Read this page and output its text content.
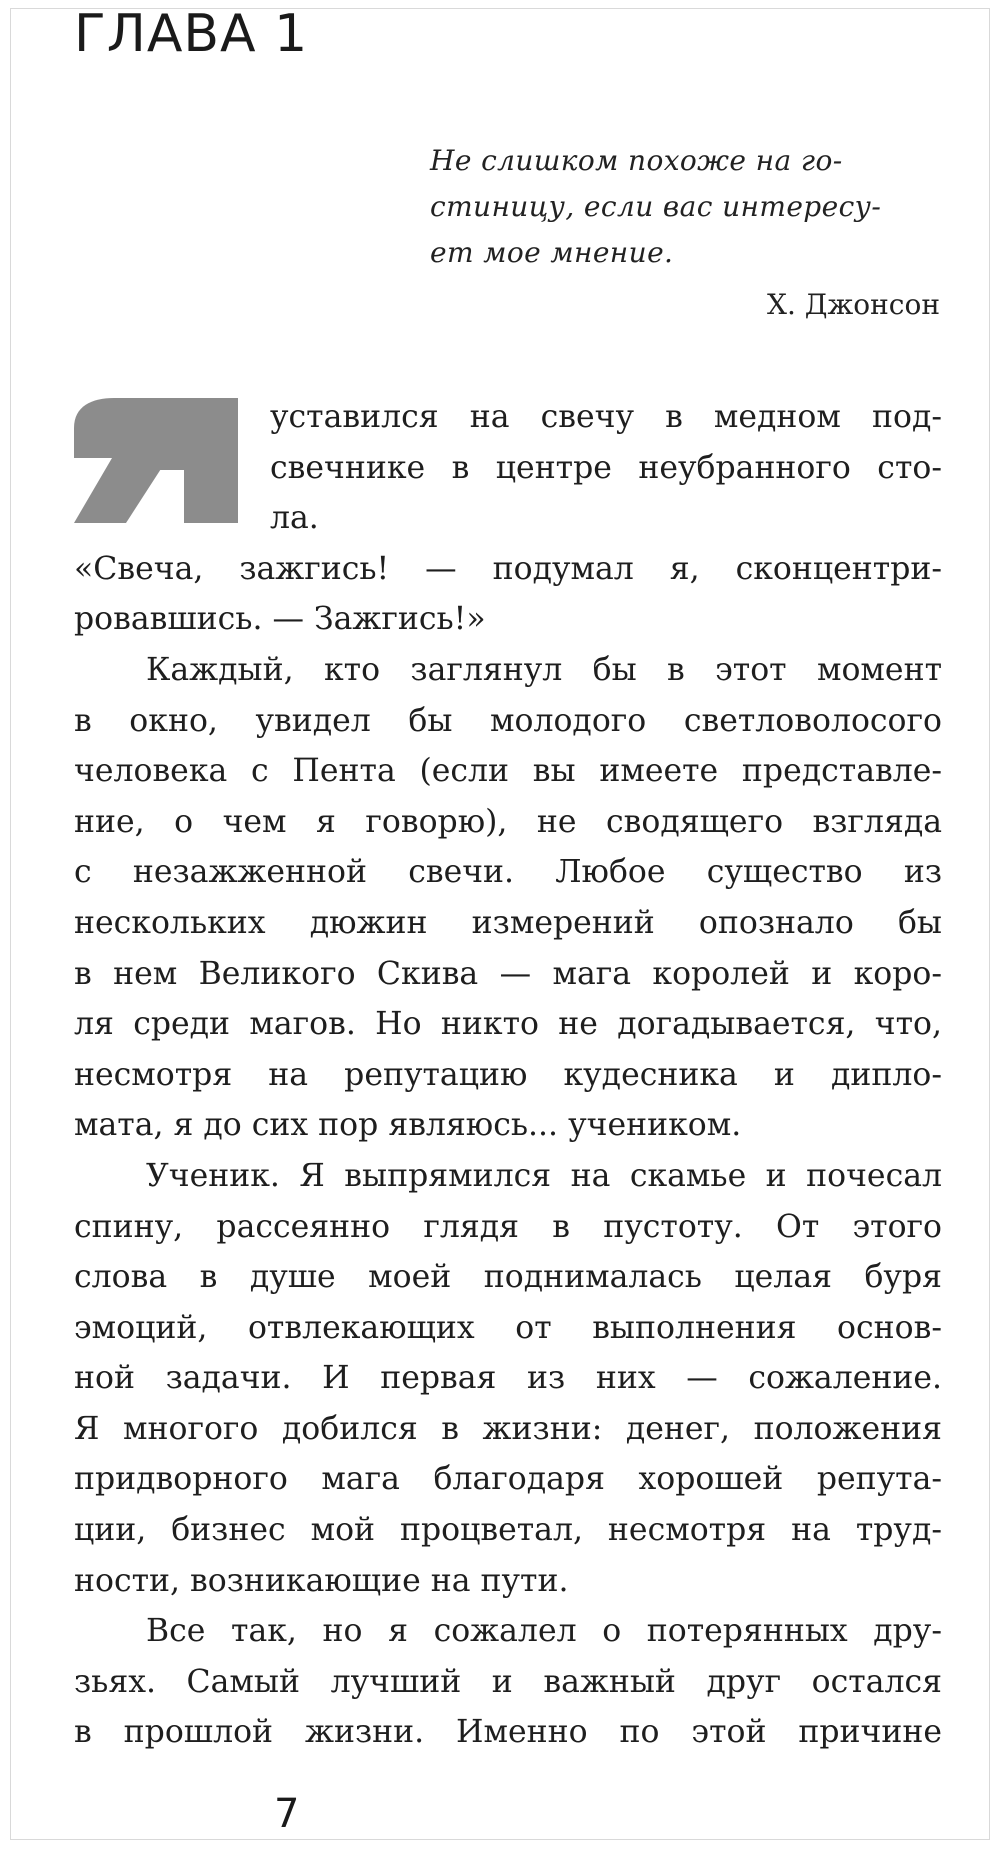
ГЛАВА 1
Не слишком похоже на го-
стиницу, если вас интересу-
ет мое мнение.
Х. Джонсон
уставился на свечу в медном под-
свечнике в центре неубранного сто-
ла.
«Свеча, зажгись! — подумал я, сконцентри-
ровавшись. — Зажгись!»
Каждый, кто заглянул бы в этот момент
в окно, увидел бы молодого светловолосого
человека с Пента (если вы имеете представле-
ние, о чем я говорю), не сводящего взгляда
с незажженной свечи. Любое существо из
нескольких дюжин измерений опознало бы
в нем Великого Скива — мага королей и коро-
ля среди магов. Но никто не догадывается, что,
несмотря на репутацию кудесника и дипло-
мата, я до сих пор являюсь... учеником.
Ученик. Я выпрямился на скамье и почесал
спину, рассеянно глядя в пустоту. От этого
слова в душе моей поднималась целая буря
эмоций, отвлекающих от выполнения основ-
ной задачи. И первая из них — сожаление.
Я многого добился в жизни: денег, положения
придворного мага благодаря хорошей репута-
ции, бизнес мой процветал, несмотря на труд-
ности, возникающие на пути.
Все так, но я сожалел о потерянных дру-
зьях. Самый лучший и важный друг остался
в прошлой жизни. Именно по этой причине
7
